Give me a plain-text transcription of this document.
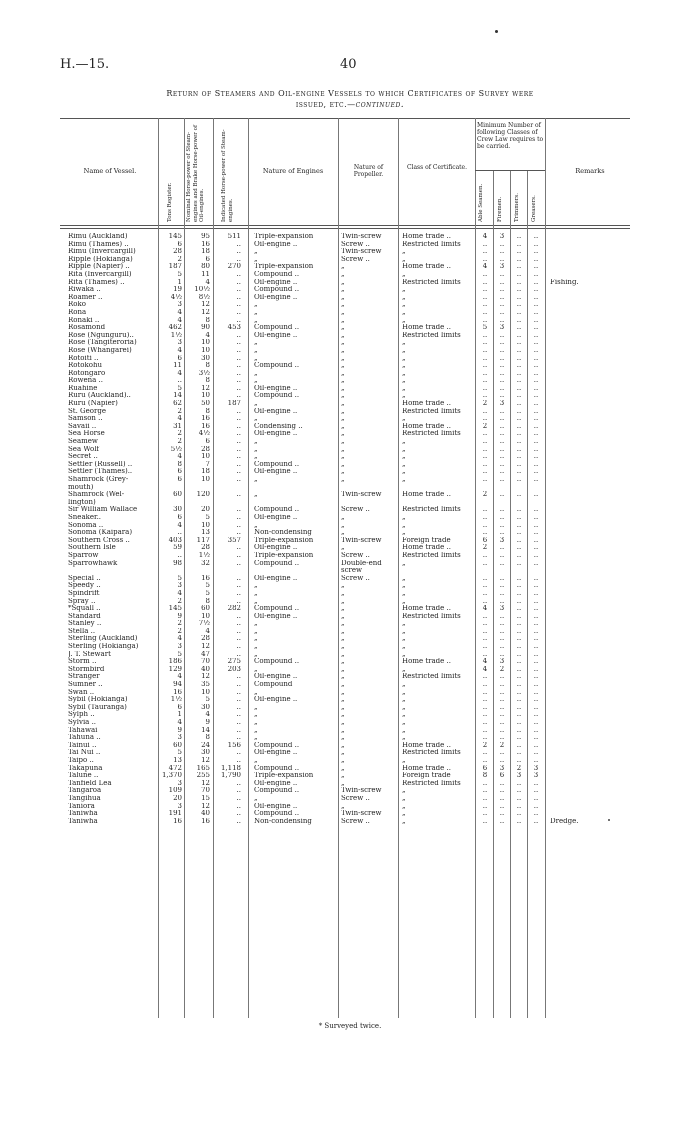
H.—15.	40
Return of Steamers and Oil-engine Vessels to which Certificates of Survey were
issued, etc.—continued.
Name of Vessel.
Tons Register. Nominal Horse-power of Steam-engines and Brake Horse-power of Oil-engines.	Indicated Horse-power of Steam-engines.
Nature of Engines	Nature of Propeller.
Class of Certificate.
Minimum Number of following Classes of Crew Law requires to be carried.
Able Seamen. Firemen. Trimmers. Greasers.
Remarks
Rimu (Auckland)	145	95	511 Triple-expansion	Twin-screw	Home trade ..	4	3	..	..
Rimu (Thames) ..	6	16	.. Oil-engine ..	Screw ..	Restricted limits	..	..	..	..
Rimu (Invercargill)	28	18	.. „	Twin-screw	„	..	..	..	..
Ripple (Hokianga)	2	6	.. „	Screw ..	„	..	..	..	..
Ripple (Napier) ..	187	80	270 Triple-expansion	„	Home trade ..	4	3	..	..
Rita (Invercargill)	5	11	.. Compound ..	„	„	..	..	..	..
Rita (Thames) ..	1	4	.. Oil-engine ..	„	Restricted limits	..	..	..	..	Fishing.
Riwaka ..	19	10½	.. Compound ..	„	„	..	..	..	..
Roamer ..	4½	8½	.. Oil-engine ..	„	„	..	..	..	..
Roko	3	12	.. „	„	„	..	..	..	..
Rona	4	12	.. „	„	„	..	..	..	..
Ronaki ..	4	8	.. „	„	„	..	..	..	..
Rosamond	462	90	453 Compound ..	„	Home trade ..	5	3	..	..
Rose (Ngunguru)..	1½	4	.. Oil-engine ..	„	Restricted limits	..	..	..	..
Rose (Tangiteroria)	3	10	.. „	„	„	..	..	..	..
Rose (Whangarei)	4	10	.. „	„	„	..	..	..	..
Rotoiti ..	6	30	.. „	„	„	..	..	..	..
Rotokohu	11	8	.. Compound ..	„	„	..	..	..	..
Rotongaro	4	3½	.. „	„	„	..	..	..	..
Rowena ..	..	8	.. „	„	„	..	..	..	..
Ruahine	5	12	.. Oil-engine ..	„	„	..	..	..	..
Ruru (Auckland)..	14	10	.. Compound ..	„	„	..	..	..	..
Ruru (Napier)	62	50	187 „	„	Home trade ..	2	3	..	..
St. George	2	8	.. Oil-engine ..	„	Restricted limits	..	..	..	..
Samson ..	4	16	.. „	„	„	..	..	..	..
Savaii ..	31	16	.. Condensing ..	„	Home trade ..	2	..	..	..
Sea Horse	2	4½	.. Oil-engine ..	„	Restricted limits	..	..	..	..
Seamew	2	6	.. „	„	„	..	..	..	..
Sea Wolf	5½	28	.. „	„	„	..	..	..	..
Secret ..	4	10	.. „	„	„	..	..	..	..
Settler (Russell) ..	8	7	.. Compound ..	„	„	..	..	..	..
Settler (Thames)..	6	18	.. Oil-engine ..	„	„	..	..	..	..
Shamrock (Grey-	6	10	.. „	„	„	..	..	..	..
mouth)
Shamrock (Wel-	60	120	.. „	Twin-screw	Home trade ..	2	..	..	..
lington)
Sir William Wallace	30	20	.. Compound ..	Screw ..	Restricted limits	..	..	..	..
Sneaker..	6	5	.. Oil-engine ..	„	„	..	..	..	..
Sonoma ..	4	10	.. „	„	„	..	..	..	..
Sonoma (Kaipara)	..	13	.. Non-condensing	„	„	..	..	..	..
Southern Cross ..	403	117	357 Triple-expansion	Twin-screw	Foreign trade	6	3	..	..
Southern Isle	59	28	.. Oil-engine ..	„	Home trade ..	2	..	..	..
Sparrow	..	1½	.. Triple-expansion	Screw ..	Restricted limits	..	..	..	..
Sparrowhawk	98	32	.. Compound ..	Double-end	„	..	..	..	..
screw
Special ..	5	16	.. Oil-engine ..	Screw ..	„	..	..	..	..
Speedy ..	3	5	.. „	„	„	..	..	..	..
Spindrift	4	5	.. „	„	„	..	..	..	..
Spray ..	2	8	.. „	„	„	..	..	..	..
*Squall ..	145	60	282 Compound ..	„	Home trade ..	4	3	..	..
Standard	9	10	.. Oil-engine ..	„	Restricted limits	..	..	..	..
Stanley ..	2	7½	.. „	„	„	..	..	..	..
Stella ..	2	4	.. „	„	„	..	..	..	..
Sterling (Auckland)	4	28	.. „	„	„	..	..	..	..
Sterling (Hokianga)	3	12	.. „	„	„	..	..	..	..
J. T. Stewart	5	47	.. „	„	„	..	..	..	..
Storm ..	186	70	275 Compound ..	„	Home trade ..	4	3	..	..
Stormbird	129	40	203 „	„	„	4	2	..	..
Stranger	4	12	.. Oil-engine ..	„	Restricted limits	..	..	..	..
Sumner ..	94	35	.. Compound	„	„	..	..	..	..
Swan ..	16	10	.. „	„	„	..	..	..	..
Sybil (Hokianga)	1½	5	.. Oil-engine ..	„	„	..	..	..	..
Sybil (Tauranga)	6	30	.. „	„	„	..	..	..	..
Sylph ..	1	4	.. „	„	„	..	..	..	..
Sylvia ..	4	9	.. „	„	„	..	..	..	..
Tahawai	9	14	.. „	„	„	..	..	..	..
Tahuna ..	3	8	.. „	„	„	..	..	..	..
Tainui ..	60	24	156 Compound ..	„	Home trade ..	2	2	..	..
Tai Nui ..	5	30	.. Oil-engine ..	„	Restricted limits	..	..	..	..
Taipo ..	13	12	.. „	„	„	..	..	..	..
Takapuna	472	165	1,118 Compound ..	„	Home trade ..	6	3	2	3
Talune ..	1,370	255	1,790 Triple-expansion	„	Foreign trade	8	6	3	3
Tanfield Lea	3	12	.. Oil-engine ..	„	Restricted limits	..	..	..	..
Tangaroa	109	70	.. Compound ..	Twin-screw	„	..	..	..	..
Tangihua	20	15	.. „	Screw ..	„	..	..	..	..
Taniora	3	12	.. Oil-engine ..	„	„	..	..	..	..
Taniwha	191	40	.. Compound ..	Twin-screw	„	..	..	..	..
Taniwha	16	16	.. Non-condensing	Screw ..	„	..	..	..	..	Dredge.
* Surveyed twice.
